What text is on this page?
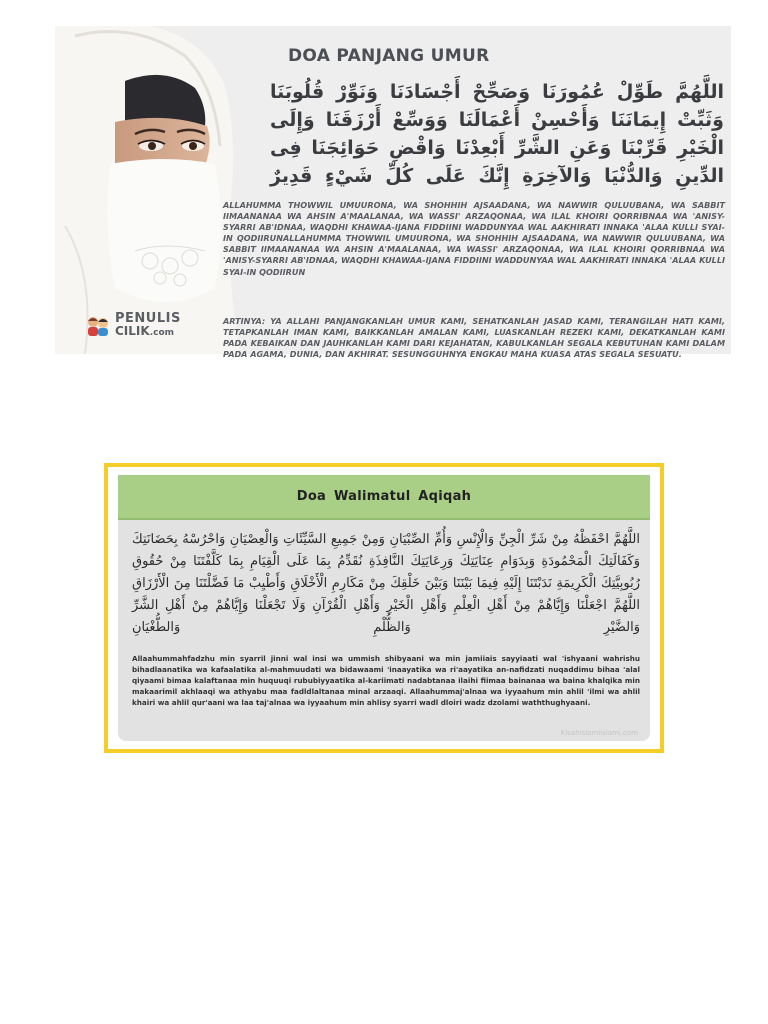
PENULIS
CILIK.com
DOA PANJANG UMUR

اللَّهُمَّ طَوِّلْ عُمُورَنَا وَصَحِّحْ أَجْسَادَنَا وَنَوِّرْ قُلُوبَنَا وَثَبِّتْ إِيمَانَنَا وَأَحْسِنْ أَعْمَالَنَا وَوَسِّعْ أَرْزَقَنَا وَإِلَى الْخَيْرِ قَرِّبْنَا وَعَنِ الشَّرِّ أَبْعِدْنَا وَاقْضِ حَوَائِجَنَا فِى الدِّينِ وَالدُّنْيَا وَالآخِرَةِ إِنَّكَ عَلَى كُلِّ شَيْءٍ قَدِيرٌ

ALLAHUMMA THOWWIL UMUURONA, WA SHOHHIH AJSAADANA, WA NAWWIR QULUUBANA, WA SABBIT IIMAANANAA WA AHSIN A'MAALANAA, WA WASSI' ARZAQONAA, WA ILAL KHOIRI QORRIBNAA WA 'ANISY-SYARRI AB'IDNAA, WAQDHI KHAWAA-IJANA FIDDIINI WADDUNYAA WAL AAKHIRATI INNAKA 'ALAA KULLI SYAI-IN QODIIRUNALLAHUMMA THOWWIL UMUURONA, WA SHOHHIH AJSAADANA, WA NAWWIR QULUUBANA, WA SABBIT IIMAANANAA WA AHSIN A'MAALANAA, WA WASSI' ARZAQONAA, WA ILAL KHOIRI QORRIBNAA WA 'ANISY-SYARRI AB'IDNAA, WAQDHI KHAWAA-IJANA FIDDIINI WADDUNYAA WAL AAKHIRATI INNAKA 'ALAA KULLI SYAI-IN QODIIRUN

ARTINYA: YA ALLAHI PANJANGKANLAH UMUR KAMI, SEHATKANLAH JASAD KAMI, TERANGILAH HATI KAMI, TETAPKANLAH IMAN KAMI, BAIKKANLAH AMALAN KAMI, LUASKANLAH REZEKI KAMI, DEKATKANLAH KAMI PADA KEBAIKAN DAN JAUHKANLAH KAMI DARI KEJAHATAN, KABULKANLAH SEGALA KEBUTUHAN KAMI DALAM PADA AGAMA, DUNIA, DAN AKHIRAT. SESUNGGUHNYA ENGKAU MAHA KUASA ATAS SEGALA SESUATU.

Doa Walimatul Aqiqah

اللَّهُمَّ احْفَظْهُ مِنْ شَرِّ الْجِنِّ وَالْإِنْسِ وَأُمِّ الصِّبْيَانِ وَمِنْ جَمِيعِ السَّيِّئَاتِ وَالْعِصْيَانِ وَاحْرُسْهُ بِحَضَانَتِكَ وَكَفَالَتِكَ الْمَحْمُودَةِ وَبِدَوَامِ عِنَايَتِكَ وَرِعَايَتِكَ النَّافِذَةِ نُقَدِّمُ بِمَا عَلَى الْقِيَامِ بِمَا كَلَّفْتَنَا مِنْ حُقُوقِ رُبُوبِيَّتِكَ الْكَرِيمَةِ نَدَبْتَنَا إِلَيْهِ فِيمَا بَيْنَنَا وَبَيْنَ خَلْقِكَ مِنْ مَكَارِمِ الْأَخْلَاقِ وَأَطْيِبْ مَا فَضَّلْتَنَا مِنَ الْأَرْزَاقِ اللَّهُمَّ اجْعَلْنَا وَإِيَّاهُمْ مِنْ أَهْلِ الْعِلْمِ وَأَهْلِ الْخَيْرِ وَأَهْلِ الْقُرْآنِ وَلَا تَجْعَلْنَا وَإِيَّاهُمْ مِنْ أَهْلِ الشَّرِّ وَالضَّيْرِ وَالظُّلْمِ وَالطُّغْيَانِ

Allaahummahfadzhu min syarril jinni wal insi wa ummish shibyaani wa min jamiiais sayyiaati wal 'ishyaani wahrishu bihadlaanatika wa kafaalatika al-mahmuudati wa bidawaami 'inaayatika wa ri'aayatika an-nafidzati nuqaddimu bihaa 'alal qiyaami bimaa kalaftanaa min huquuqi rububiyyaatika al-kariimati nadabtanaa ilaihi fiimaa bainanaa wa baina khalqika min makaarimil akhlaaqi wa athyabu maa fadldlaltanaa minal arzaaqi. Allaahummaj'alnaa wa iyyaahum min ahlil 'ilmi wa ahlil khairi wa ahlil qur'aani wa laa taj'alnaa wa iyyaahum min ahlisy syarri wadl dloiri wadz dzolami waththughyaani.

Kisahislamiislami.com
